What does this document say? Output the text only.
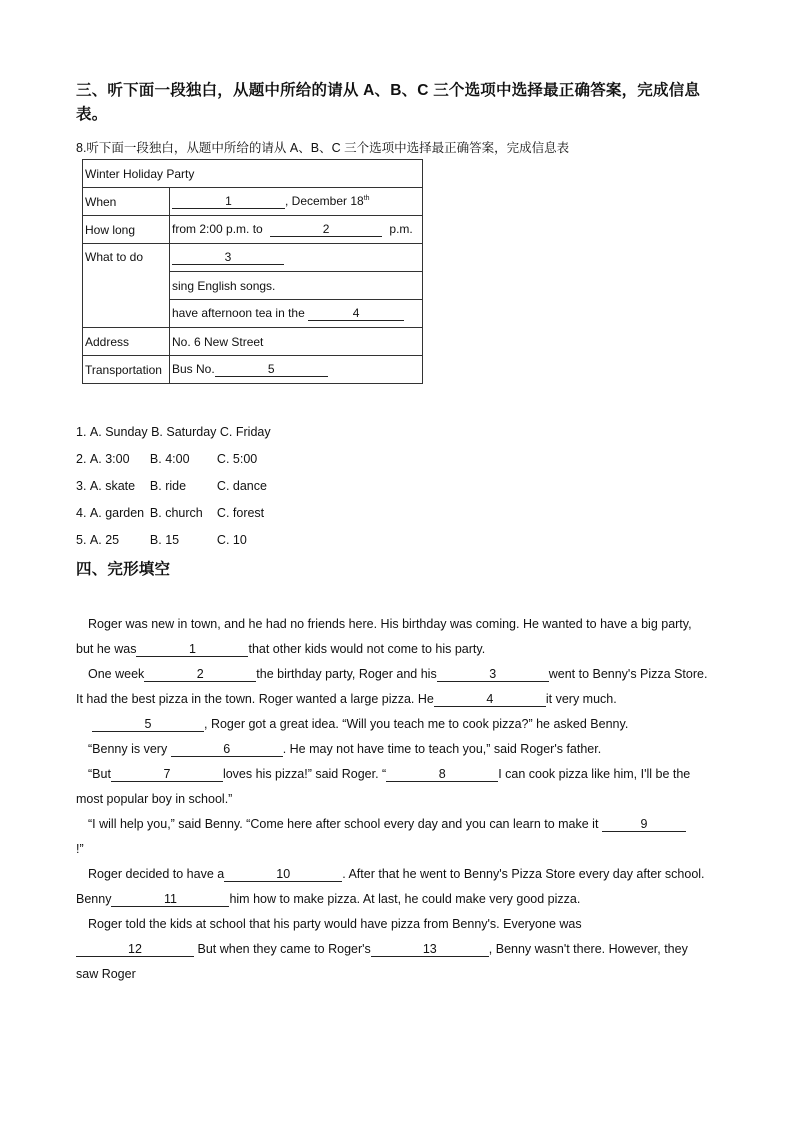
三、听下面一段独白，从题中所给的请从 A、B、C 三个选项中选择最正确答案，完成信息
表。
8.听下面一段独白，从题中所给的请从 A、B、C 三个选项中选择最正确答案，完成信息表
Winter Holiday Party	
When	1 , December 18th
How long	from 2:00 p.m. to 2 p.m.
What to do	3
	sing English songs.
	have afternoon tea in the 4
Address	No. 6 New Street
Transportation	Bus No. 5
1. A. Sunday B. Saturday C. Friday
2. A. 3:00 B. 4:00 C. 5:00
3. A. skate B. ride C. dance
4. A. garden B. church C. forest
5. A. 25 B. 15	C. 10
四、完形填空
Roger was new in town, and he had no friends here. His birthday was coming. He wanted to have a big party,
but he was	1	that other kids would not come to his party.
One week	2	the birthday party, Roger and his	3	went to Benny's Pizza Store.
It had the best pizza in the town. Roger wanted a large pizza. He	4	it very much.
5	, Roger got a great idea. “Will you teach me to cook pizza?” he asked Benny.
“Benny is very	6	. He may not have time to teach you,” said Roger's father.
“But	7	loves his pizza!” said Roger. “	8	I can cook pizza like him, I'll be the
most popular boy in school.”
“I will help you,” said Benny. “Come here after school every day and you can learn to make it	9
!”
Roger decided to have a	10	. After that he went to Benny's Pizza Store every day after school.
Benny	11	him how to make pizza. At last, he could make very good pizza.
Roger told the kids at school that his party would have pizza from Benny's. Everyone was
12	But when they came to Roger's	13	, Benny wasn't there. However, they
saw Roger
